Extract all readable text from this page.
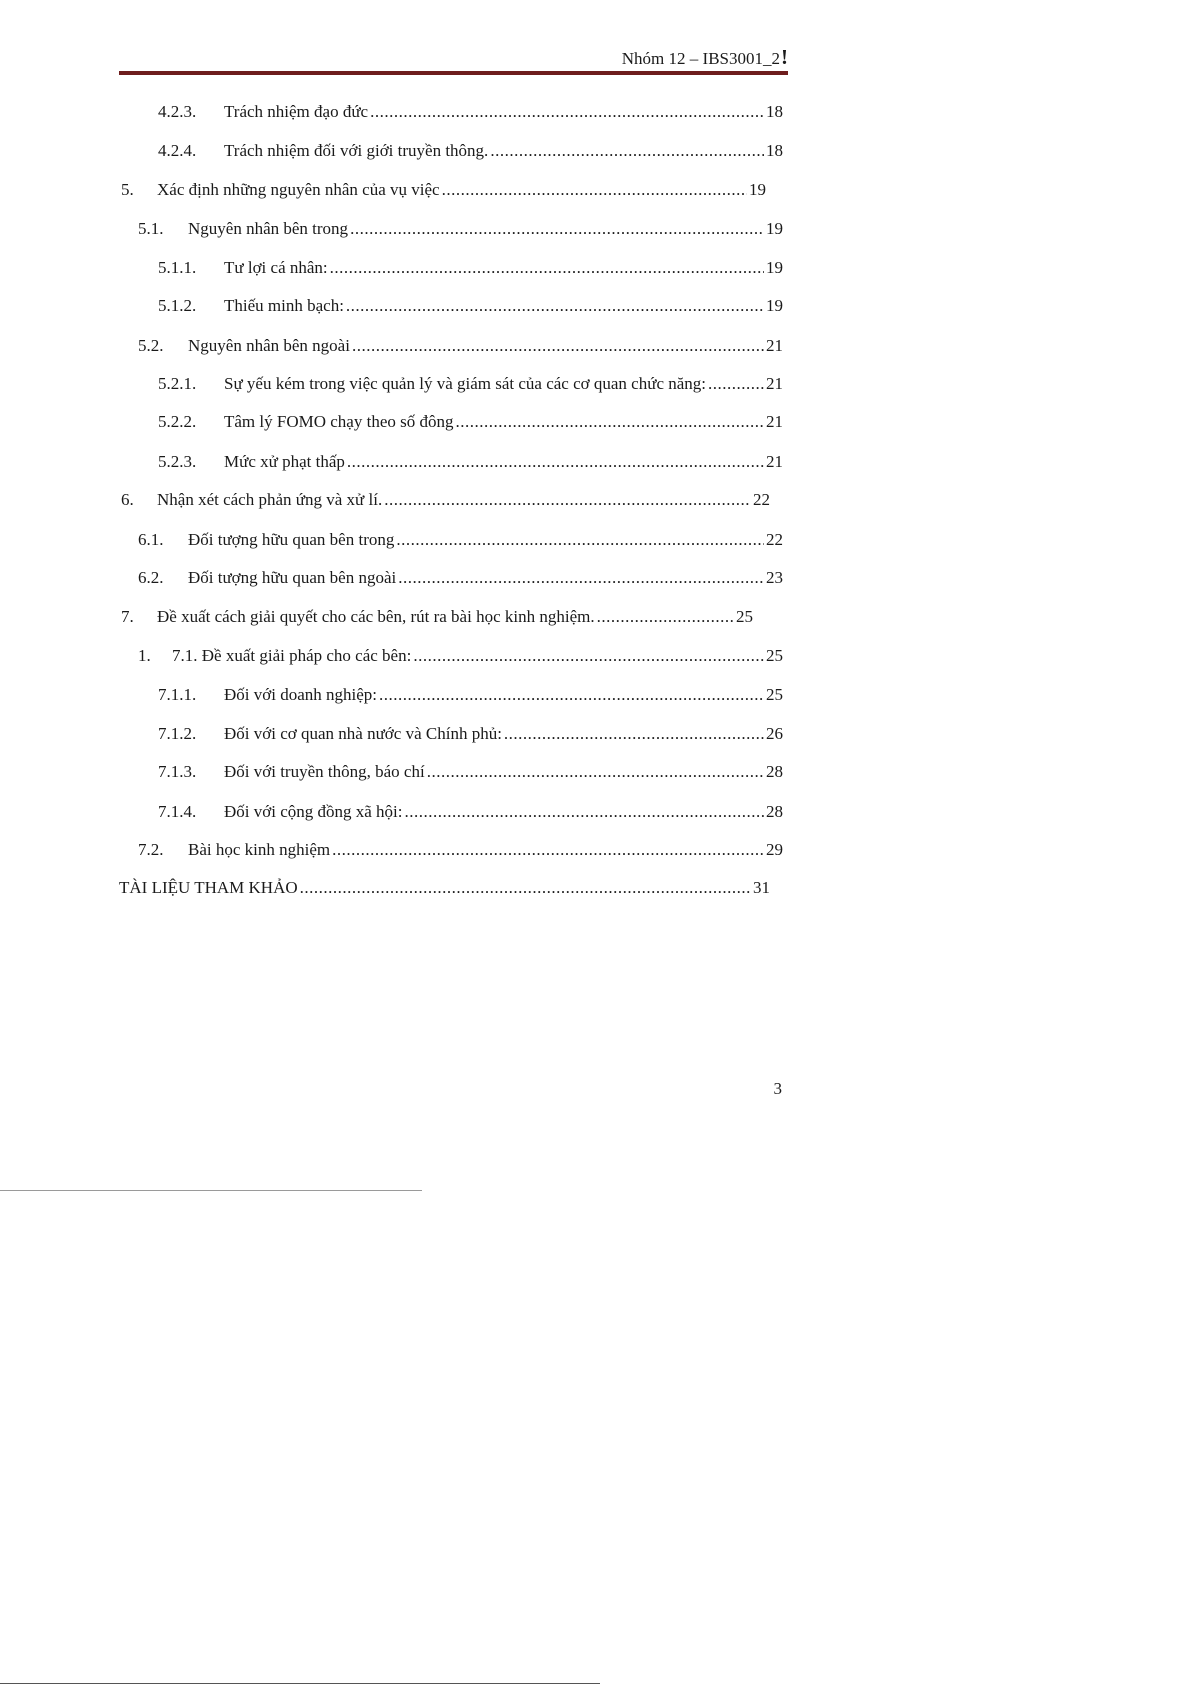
Nhóm 12 – IBS3001_2!
4.2.3.	Trách nhiệm đạo đức .....	18
4.2.4.	Trách nhiệm đối với giới truyền thông. .....	18
5.	Xác định những nguyên nhân của vụ việc .....	19
5.1.	Nguyên nhân bên trong .....	19
5.1.1.	Tư lợi cá nhân: .....	19
5.1.2.	Thiếu minh bạch: .....	19
5.2.	Nguyên nhân bên ngoài .....	21
5.2.1.	Sự yếu kém trong việc quản lý và giám sát của các cơ quan chức năng: .....	21
5.2.2.	Tâm lý FOMO chạy theo số đông .....	21
5.2.3.	Mức xử phạt thấp .....	21
6.	Nhận xét cách phản ứng và xử lí. .....	22
6.1.	Đối tượng hữu quan bên trong .....	22
6.2.	Đối tượng hữu quan bên ngoài .....	23
7.	Đề xuất cách giải quyết cho các bên, rút ra bài học kinh nghiệm. .....	25
1.	7.1. Đề xuất giải pháp cho các bên: .....	25
7.1.1.	Đối với doanh nghiệp: .....	25
7.1.2.	Đối với cơ quan nhà nước và Chính phủ: .....	26
7.1.3.	Đối với truyền thông, báo chí .....	28
7.1.4.	Đối với cộng đồng xã hội: .....	28
7.2.	Bài học kinh nghiệm .....	29
TÀI LIỆU THAM KHẢO .....	31
3
